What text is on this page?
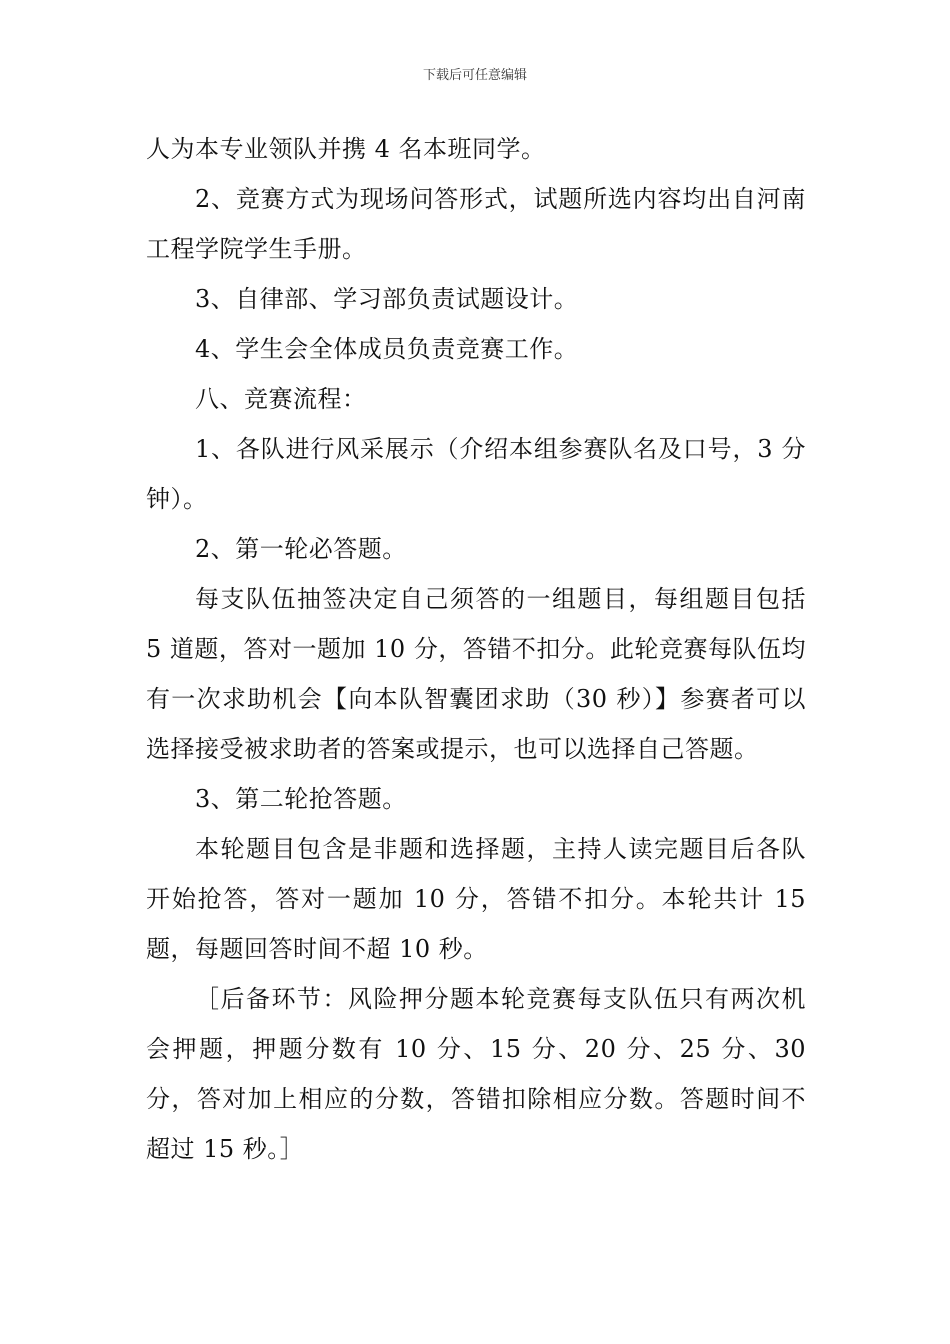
下载后可任意编辑

人为本专业领队并携 4 名本班同学。

2、竞赛方式为现场问答形式，试题所选内容均出自河南工程学院学生手册。

3、自律部、学习部负责试题设计。

4、学生会全体成员负责竞赛工作。

八、竞赛流程：

1、各队进行风采展示（介绍本组参赛队名及口号，3 分钟）。

2、第一轮必答题。

每支队伍抽签决定自己须答的一组题目，每组题目包括 5 道题，答对一题加 10 分，答错不扣分。此轮竞赛每队伍均有一次求助机会【向本队智囊团求助（30 秒）】参赛者可以选择接受被求助者的答案或提示，也可以选择自己答题。

3、第二轮抢答题。

本轮题目包含是非题和选择题，主持人读完题目后各队开始抢答，答对一题加 10 分，答错不扣分。本轮共计 15 题，每题回答时间不超 10 秒。

［后备环节：风险押分题本轮竞赛每支队伍只有两次机会押题，押题分数有 10 分、15 分、20 分、25 分、30 分，答对加上相应的分数，答错扣除相应分数。答题时间不超过 15 秒。］
